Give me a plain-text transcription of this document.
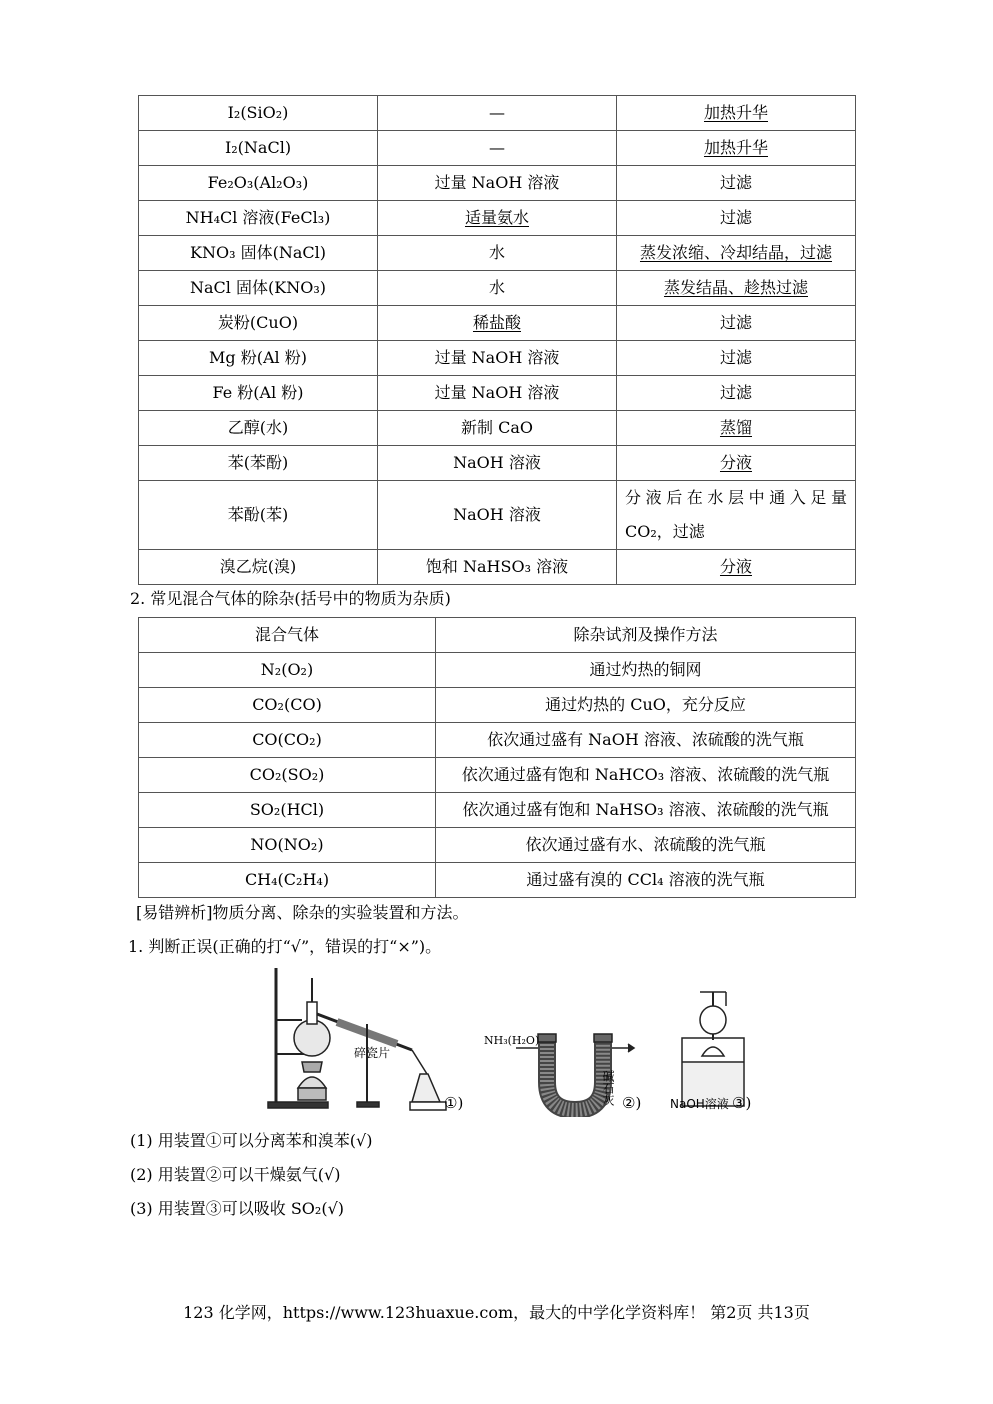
I₂(SiO₂)	—	加热升华
I₂(NaCl)	—	加热升华
Fe₂O₃(Al₂O₃)	过量 NaOH 溶液	过滤
NH₄Cl 溶液(FeCl₃)	适量氨水	过滤
KNO₃ 固体(NaCl)	水	蒸发浓缩、冷却结晶，过滤
NaCl 固体(KNO₃)	水	蒸发结晶、趁热过滤
炭粉(CuO)	稀盐酸	过滤
Mg 粉(Al 粉)	过量 NaOH 溶液	过滤
Fe 粉(Al 粉)	过量 NaOH 溶液	过滤
乙醇(水)	新制 CaO	蒸馏
苯(苯酚)	NaOH 溶液	分液
苯酚(苯)	NaOH 溶液	分液后在水层中通入足量 CO₂，过滤
溴乙烷(溴)	饱和 NaHSO₃ 溶液	分液
2. 常见混合气体的除杂(括号中的物质为杂质)
混合气体	除杂试剂及操作方法
N₂(O₂)	通过灼热的铜网
CO₂(CO)	通过灼热的 CuO，充分反应
CO(CO₂)	依次通过盛有 NaOH 溶液、浓硫酸的洗气瓶
CO₂(SO₂)	依次通过盛有饱和 NaHCO₃ 溶液、浓硫酸的洗气瓶
SO₂(HCl)	依次通过盛有饱和 NaHSO₃ 溶液、浓硫酸的洗气瓶
NO(NO₂)	依次通过盛有水、浓硫酸的洗气瓶
CH₄(C₂H₄)	通过盛有溴的 CCl₄ 溶液的洗气瓶
[易错辨析]物质分离、除杂的实验装置和方法。
1. 判断正误(正确的打“√”，错误的打“×”)。
碎瓷片
①)
NH₃(H₂O)
碱石灰 ②) NaOH溶液 ③)
(1) 用装置①可以分离苯和溴苯(√)
(2) 用装置②可以干燥氨气(√)
(3) 用装置③可以吸收 SO₂(√)
123 化学网，https://www.123huaxue.com，最大的中学化学资料库！ 第2页 共13页
